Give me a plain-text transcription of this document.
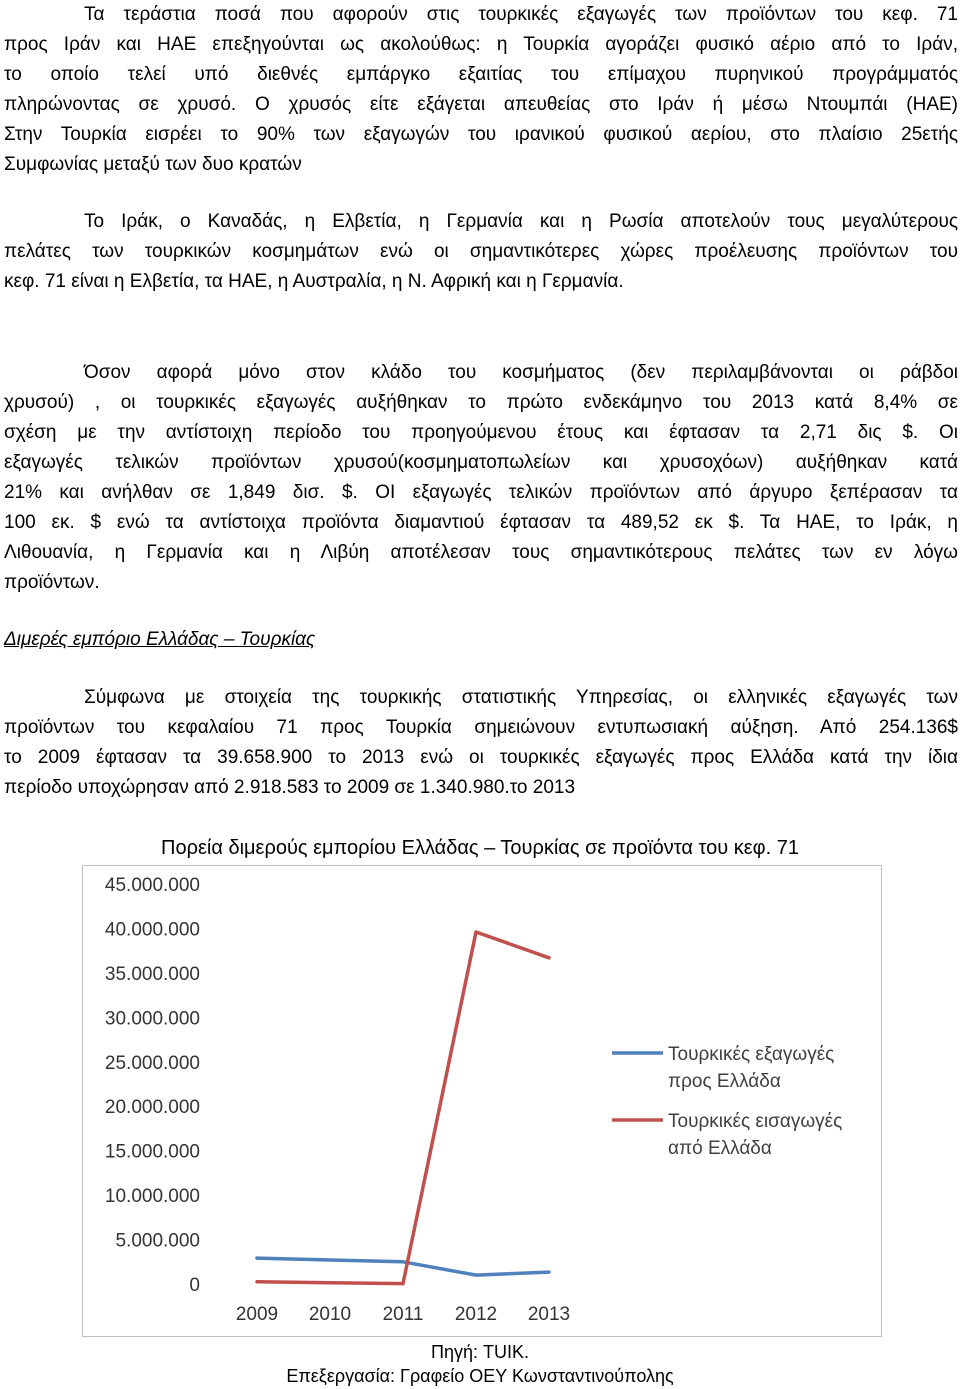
Τα τεράστια ποσά που αφορούν στις τουρκικές εξαγωγές των προϊόντων του κεφ. 71
προς Ιράν και ΗΑΕ επεξηγούνται ως ακολούθως: η Τουρκία αγοράζει φυσικό αέριο από το Ιράν,
το οποίο τελεί υπό διεθνές εμπάργκο εξαιτίας του επίμαχου πυρηνικού προγράμματός
πληρώνοντας σε χρυσό. Ο χρυσός είτε εξάγεται απευθείας στο Ιράν ή μέσω Ντουμπάι (ΗΑΕ)
Στην Τουρκία εισρέει το 90% των εξαγωγών του ιρανικού φυσικού αερίου, στο πλαίσιο 25ετής
Συμφωνίας μεταξύ των δυο κρατών
Το Ιράκ, ο Καναδάς, η Ελβετία, η Γερμανία και η Ρωσία αποτελούν τους μεγαλύτερους
πελάτες των τουρκικών κοσμημάτων ενώ οι σημαντικότερες χώρες προέλευσης προϊόντων του
κεφ. 71 είναι η Ελβετία, τα ΗΑΕ, η Αυστραλία, η Ν. Αφρική και η Γερμανία.
Όσον αφορά μόνο στον κλάδο του κοσμήματος (δεν περιλαμβάνονται οι ράβδοι
χρυσού) , οι τουρκικές εξαγωγές αυξήθηκαν το πρώτο ενδεκάμηνο του 2013 κατά 8,4% σε
σχέση με την αντίστοιχη περίοδο του προηγούμενου έτους και έφτασαν τα 2,71 δις $. Οι
εξαγωγές τελικών προϊόντων χρυσού(κοσμηματοπωλείων και χρυσοχόων) αυξήθηκαν κατά
21% και ανήλθαν σε 1,849 δισ. $. ΟΙ εξαγωγές τελικών προϊόντων από άργυρο ξεπέρασαν τα
100 εκ. $ ενώ τα αντίστοιχα προϊόντα διαμαντιού έφτασαν τα 489,52 εκ $. Τα ΗΑΕ, το Ιράκ, η
Λιθουανία, η Γερμανία και η Λιβύη αποτέλεσαν τους σημαντικότερους πελάτες των εν λόγω
προϊόντων.
Διμερές εμπόριο Ελλάδας – Τουρκίας
Σύμφωνα με στοιχεία της τουρκικής στατιστικής Υπηρεσίας, οι ελληνικές εξαγωγές των
προϊόντων του κεφαλαίου 71 προς Τουρκία σημειώνουν εντυπωσιακή αύξηση. Από 254.136$
το 2009 έφτασαν τα 39.658.900 το 2013 ενώ οι τουρκικές εξαγωγές προς Ελλάδα κατά την ίδια
περίοδο υποχώρησαν από 2.918.583 το 2009 σε 1.340.980.το 2013
Πορεία διμερούς εμπορίου Ελλάδας – Τουρκίας σε προϊόντα του κεφ. 71
45.000.000
40.000.000
35.000.000
30.000.000
25.000.000
20.000.000
15.000.000
10.000.000
5.000.000
0
2009 2010 2011 2012 2013
Τουρκικές εξαγωγές
προς Ελλάδα
Τουρκικές εισαγωγές
από Ελλάδα
Πηγή: TUIK.
Επεξεργασία: Γραφείο ΟΕΥ Κωνσταντινούπολης
